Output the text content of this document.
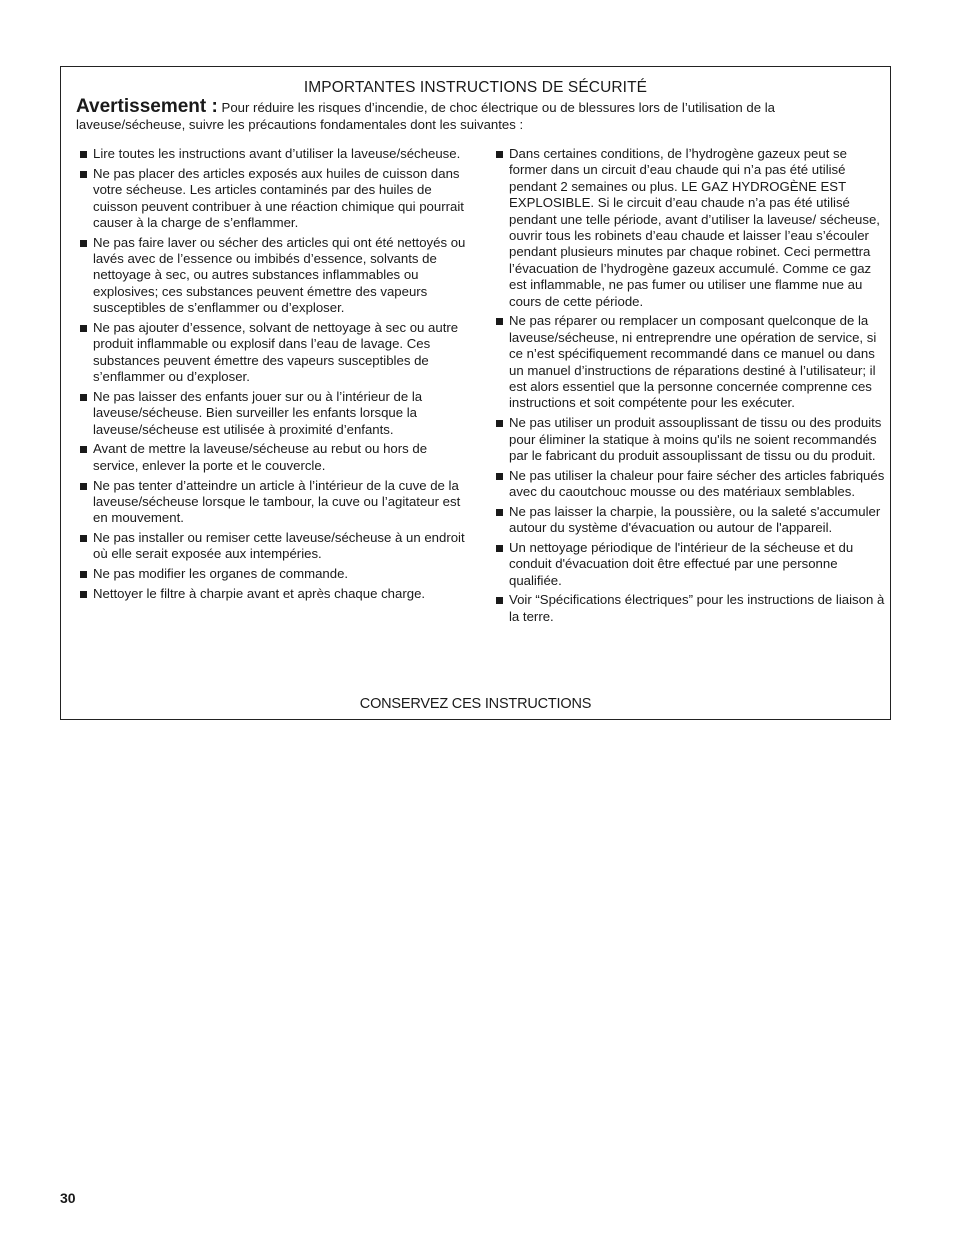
IMPORTANTES INSTRUCTIONS DE SÉCURITÉ
Avertissement : Pour réduire les risques d’incendie, de choc électrique ou de blessures lors de l’utilisation de la laveuse/sécheuse, suivre les précautions fondamentales dont les suivantes :
Lire toutes les instructions avant d’utiliser la laveuse/sécheuse.
Ne pas placer des articles exposés aux huiles de cuisson dans votre sécheuse. Les articles contaminés par des huiles de cuisson peuvent contribuer à une réaction chimique qui pourrait causer à la charge de s’enflammer.
Ne pas faire laver ou sécher des articles qui ont été nettoyés ou lavés avec de l’essence ou imbibés d’essence, solvants de nettoyage à sec, ou autres substances inflammables ou explosives; ces substances peuvent émettre des vapeurs susceptibles de s’enflammer ou d’exploser.
Ne pas ajouter d’essence, solvant de nettoyage à sec ou autre produit inflammable ou explosif dans l’eau de lavage. Ces substances peuvent émettre des vapeurs susceptibles de s’enflammer ou d’exploser.
Ne pas laisser des enfants jouer sur ou à l’intérieur de la laveuse/sécheuse. Bien surveiller les enfants lorsque la laveuse/sécheuse est utilisée à proximité d’enfants.
Avant de mettre la laveuse/sécheuse au rebut ou hors de service, enlever la porte et le couvercle.
Ne pas tenter d’atteindre un article à l’intérieur de la cuve de la laveuse/sécheuse lorsque le tambour, la cuve ou l’agitateur est en mouvement.
Ne pas installer ou remiser cette laveuse/sécheuse à un endroit où elle serait exposée aux intempéries.
Ne pas modifier les organes de commande.
Nettoyer le filtre à charpie avant et après chaque charge.
Dans certaines conditions, de l’hydrogène gazeux peut se former dans un circuit d’eau chaude qui n’a pas été utilisé pendant 2 semaines ou plus. LE GAZ HYDROGÈNE EST EXPLOSIBLE. Si le circuit d’eau chaude n’a pas été utilisé pendant une telle période, avant d’utiliser la laveuse/ sécheuse, ouvrir tous les robinets d’eau chaude et laisser l’eau s’écouler pendant plusieurs minutes par chaque robinet. Ceci permettra l’évacuation de l’hydrogène gazeux accumulé. Comme ce gaz est inflammable, ne pas fumer ou utiliser une flamme nue au cours de cette période.
Ne pas réparer ou remplacer un composant quelconque de la laveuse/sécheuse, ni entreprendre une opération de service, si ce n’est spécifiquement recommandé dans ce manuel ou dans un manuel d’instructions de réparations destiné à l’utilisateur; il est alors essentiel que la personne concernée comprenne ces instructions et soit compétente pour les exécuter.
Ne pas utiliser un produit assouplissant de tissu ou des produits pour éliminer la statique à moins qu'ils ne soient recommandés par le fabricant du produit assouplissant de tissu ou du produit.
Ne pas utiliser la chaleur pour faire sécher des articles fabriqués avec du caoutchouc mousse ou des matériaux semblables.
Ne pas laisser la charpie, la poussière, ou la saleté s'accumuler autour du système d'évacuation ou autour de l'appareil.
Un nettoyage périodique de l'intérieur de la sécheuse et du conduit d'évacuation doit être effectué par une personne qualifiée.
Voir “Spécifications électriques” pour les instructions de liaison à la terre.
CONSERVEZ CES INSTRUCTIONS
30
